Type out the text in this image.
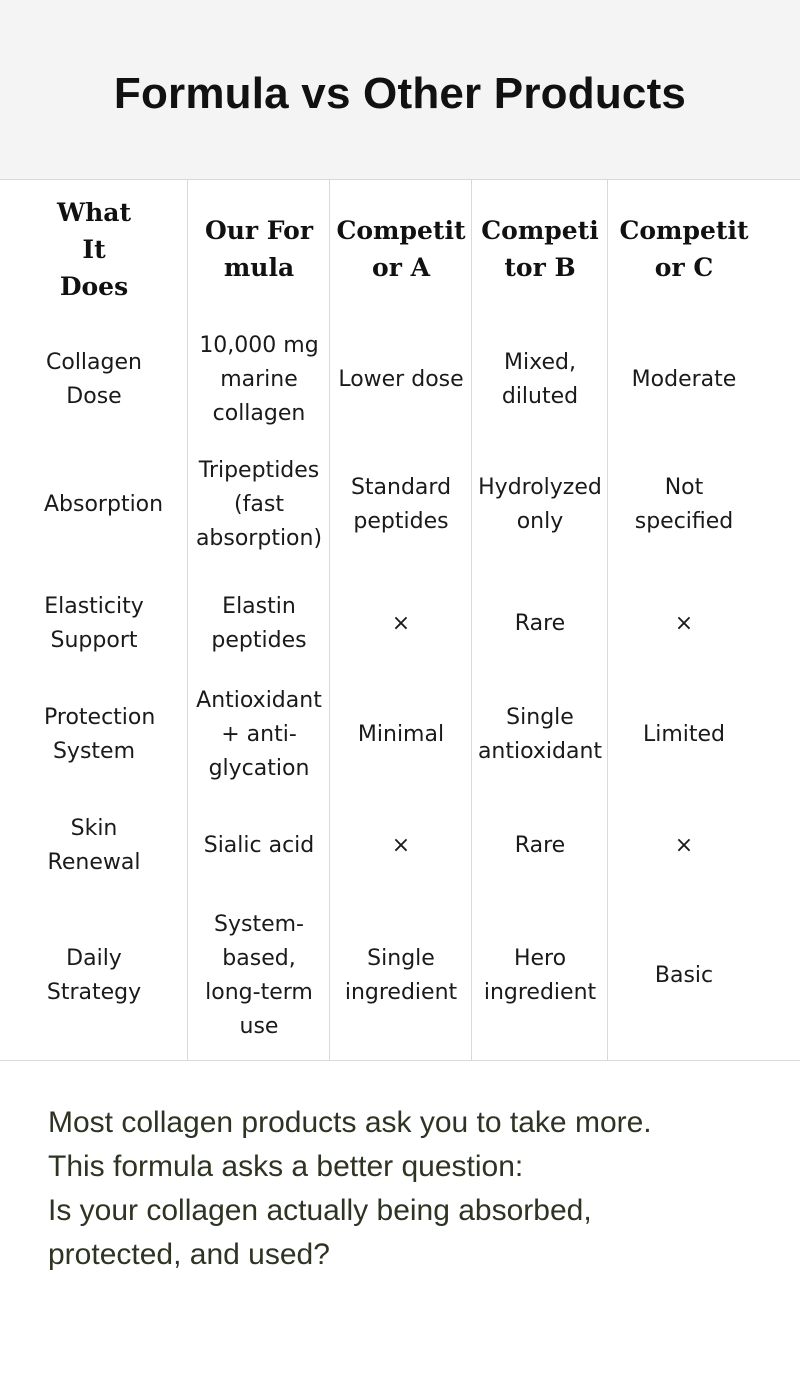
Formula vs Other Products
What It Does	Our Formula	Competitor A	Competitor B	Competitor C
Collagen Dose	10,000 mg marine collagen	Lower dose	Mixed, diluted	Moderate
Absorption	Tripeptides (fast absorption)	Standard peptides	Hydrolyzed only	Not specified
Elasticity Support	Elastin peptides	×	Rare	×
Protection System	Antioxidant + anti-glycation	Minimal	Single antioxidant	Limited
Skin Renewal	Sialic acid	×	Rare	×
Daily Strategy	System-based, long-term use	Single ingredient	Hero ingredient	Basic

Most collagen products ask you to take more.

This formula asks a better question:

Is your collagen actually being absorbed,

protected, and used?
